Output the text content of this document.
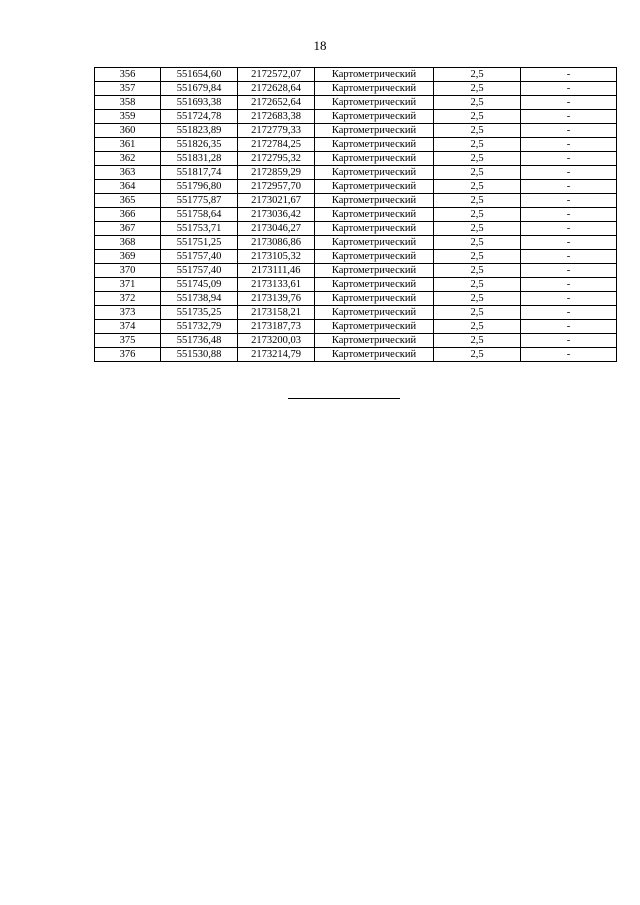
18
356	551654,60	2172572,07	Картометрический	2,5	-
357	551679,84	2172628,64	Картометрический	2,5	-
358	551693,38	2172652,64	Картометрический	2,5	-
359	551724,78	2172683,38	Картометрический	2,5	-
360	551823,89	2172779,33	Картометрический	2,5	-
361	551826,35	2172784,25	Картометрический	2,5	-
362	551831,28	2172795,32	Картометрический	2,5	-
363	551817,74	2172859,29	Картометрический	2,5	-
364	551796,80	2172957,70	Картометрический	2,5	-
365	551775,87	2173021,67	Картометрический	2,5	-
366	551758,64	2173036,42	Картометрический	2,5	-
367	551753,71	2173046,27	Картометрический	2,5	-
368	551751,25	2173086,86	Картометрический	2,5	-
369	551757,40	2173105,32	Картометрический	2,5	-
370	551757,40	2173111,46	Картометрический	2,5	-
371	551745,09	2173133,61	Картометрический	2,5	-
372	551738,94	2173139,76	Картометрический	2,5	-
373	551735,25	2173158,21	Картометрический	2,5	-
374	551732,79	2173187,73	Картометрический	2,5	-
375	551736,48	2173200,03	Картометрический	2,5	-
376	551530,88	2173214,79	Картометрический	2,5	-
